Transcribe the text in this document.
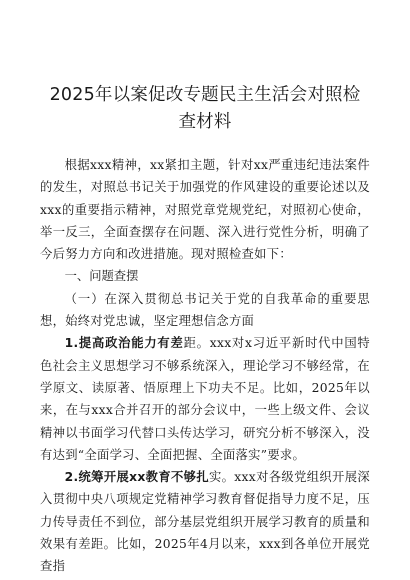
2025年以案促改专题民主生活会对照检查材料

根据xxx精神，xx紧扣主题，针对xx严重违纪违法案件的发生，对照总书记关于加强党的作风建设的重要论述以及xxx的重要指示精神，对照党章党规党纪，对照初心使命，举一反三，全面查摆存在问题、深入进行党性分析，明确了今后努力方向和改进措施。现对照检查如下：

一、问题查摆

（一）在深入贯彻总书记关于党的自我革命的重要思想，始终对党忠诚，坚定理想信念方面

1.提高政治能力有差距。xxx对x习近平新时代中国特色社会主义思想学习不够系统深入，理论学习不够经常，在学原文、读原著、悟原理上下功夫不足。比如，2025年以来，在与xxx合并召开的部分会议中，一些上级文件、会议精神以书面学习代替口头传达学习，研究分析不够深入，没有达到“全面学习、全面把握、全面落实”要求。

2.统筹开展xx教育不够扎实。xxx对各级党组织开展深入贯彻中央八项规定党精神学习教育督促指导力度不足，压力传导责任不到位，部分基层党组织开展学习教育的质量和效果有差距。比如，2025年4月以来，xxx到各单位开展党查指
